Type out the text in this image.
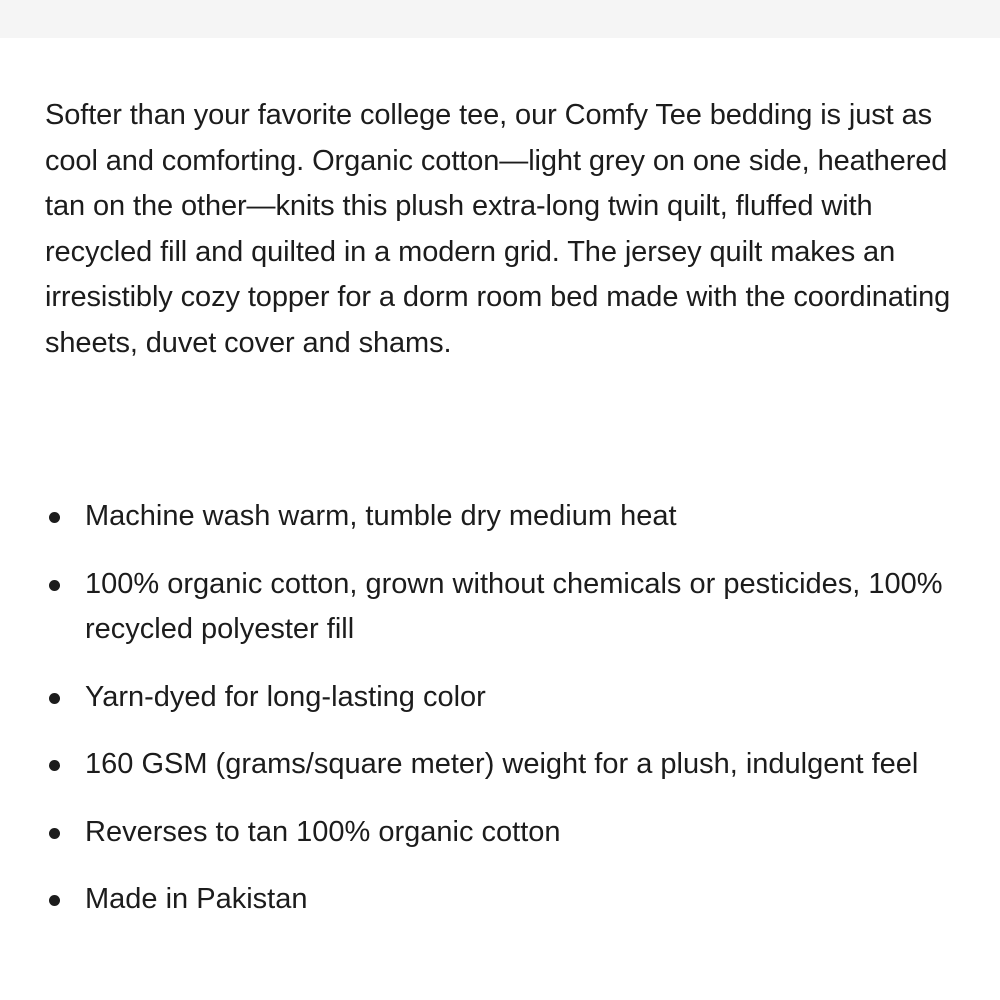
Softer than your favorite college tee, our Comfy Tee bedding is just as cool and comforting. Organic cotton—light grey on one side, heathered tan on the other—knits this plush extra-long twin quilt, fluffed with recycled fill and quilted in a modern grid. The jersey quilt makes an irresistibly cozy topper for a dorm room bed made with the coordinating sheets, duvet cover and shams.

Machine wash warm, tumble dry medium heat
100% organic cotton, grown without chemicals or pesticides, 100% recycled polyester fill
Yarn-dyed for long-lasting color
160 GSM (grams/square meter) weight for a plush, indulgent feel
Reverses to tan 100% organic cotton
Made in Pakistan
